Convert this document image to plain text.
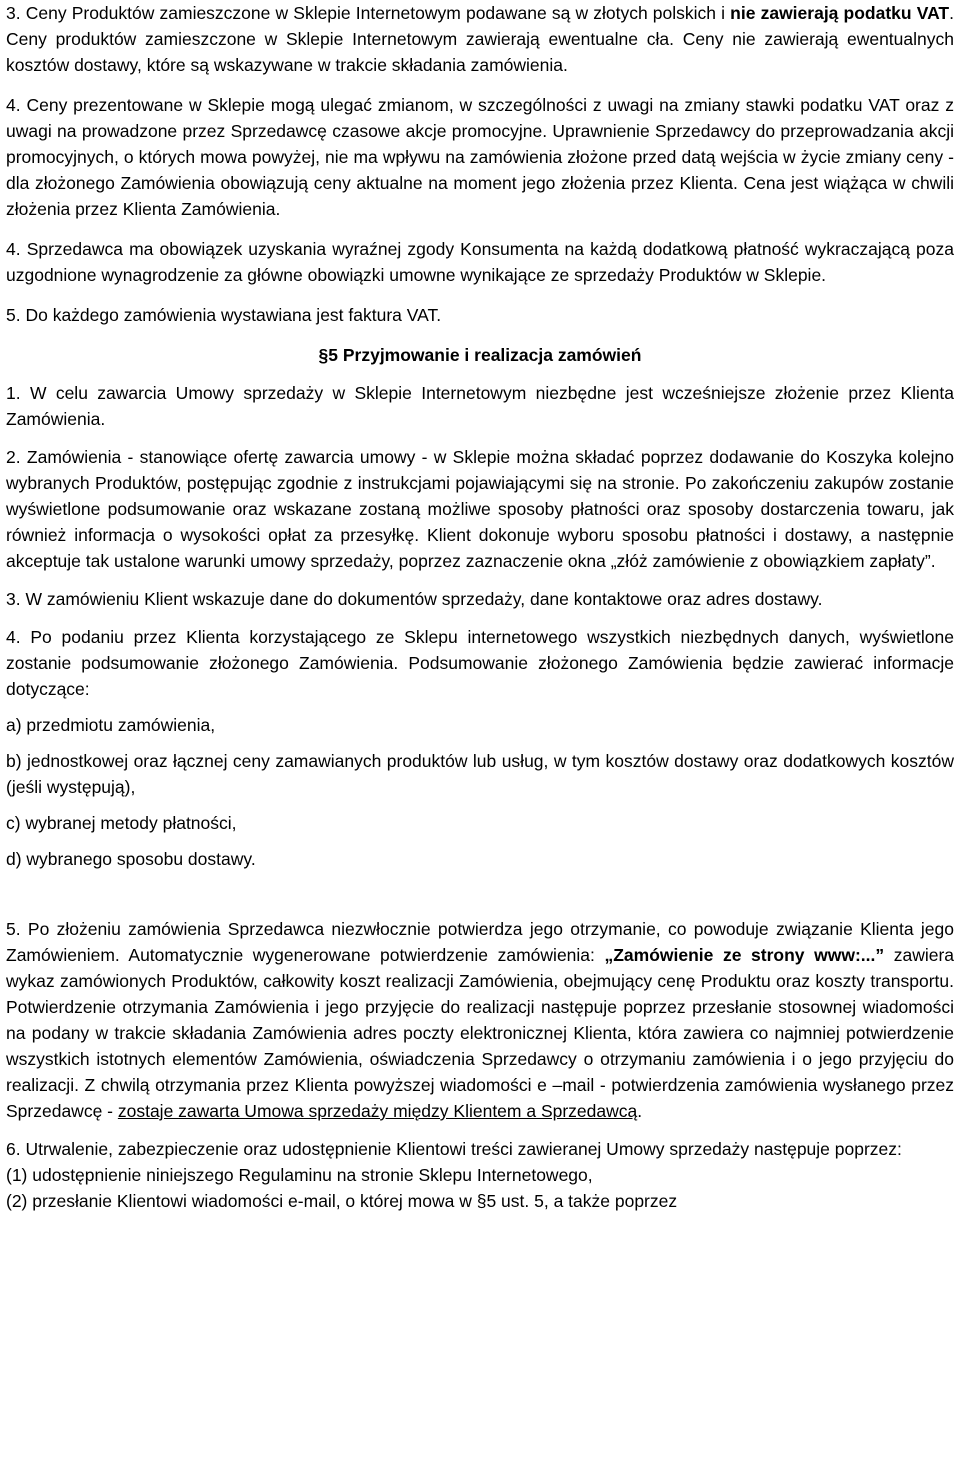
3. Ceny Produktów zamieszczone w Sklepie Internetowym podawane są w złotych polskich i nie zawierają podatku VAT. Ceny produktów zamieszczone w Sklepie Internetowym zawierają ewentualne cła. Ceny nie zawierają ewentualnych kosztów dostawy, które są wskazywane w trakcie składania zamówienia.

4. Ceny prezentowane w Sklepie mogą ulegać zmianom, w szczególności z uwagi na zmiany stawki podatku VAT oraz z uwagi na prowadzone przez Sprzedawcę czasowe akcje promocyjne. Uprawnienie Sprzedawcy do przeprowadzania akcji promocyjnych, o których mowa powyżej, nie ma wpływu na zamówienia złożone przed datą wejścia w życie zmiany ceny - dla złożonego Zamówienia obowiązują ceny aktualne na moment jego złożenia przez Klienta. Cena jest wiążąca w chwili złożenia przez Klienta Zamówienia.

4. Sprzedawca ma obowiązek uzyskania wyraźnej zgody Konsumenta na każdą dodatkową płatność wykraczającą poza uzgodnione wynagrodzenie za główne obowiązki umowne wynikające ze sprzedaży Produktów w Sklepie.

5. Do każdego zamówienia wystawiana jest faktura VAT.

§5 Przyjmowanie i realizacja zamówień

1. W celu zawarcia Umowy sprzedaży w Sklepie Internetowym niezbędne jest wcześniejsze złożenie przez Klienta Zamówienia.

2. Zamówienia - stanowiące ofertę zawarcia umowy - w Sklepie można składać poprzez dodawanie do Koszyka kolejno wybranych Produktów, postępując zgodnie z instrukcjami pojawiającymi się na stronie. Po zakończeniu zakupów zostanie wyświetlone podsumowanie oraz wskazane zostaną możliwe sposoby płatności oraz sposoby dostarczenia towaru, jak również informacja o wysokości opłat za przesyłkę. Klient dokonuje wyboru sposobu płatności i dostawy, a następnie akceptuje tak ustalone warunki umowy sprzedaży, poprzez zaznaczenie okna „złóż zamówienie z obowiązkiem zapłaty”.

3. W zamówieniu Klient wskazuje dane do dokumentów sprzedaży, dane kontaktowe oraz adres dostawy.

4. Po podaniu przez Klienta korzystającego ze Sklepu internetowego wszystkich niezbędnych danych, wyświetlone zostanie podsumowanie złożonego Zamówienia. Podsumowanie złożonego Zamówienia będzie zawierać informacje dotyczące:

a) przedmiotu zamówienia,

b) jednostkowej oraz łącznej ceny zamawianych produktów lub usług, w tym kosztów dostawy oraz dodatkowych kosztów (jeśli występują),

c) wybranej metody płatności,

d) wybranego sposobu dostawy.

5. Po złożeniu zamówienia Sprzedawca niezwłocznie potwierdza jego otrzymanie, co powoduje związanie Klienta jego Zamówieniem. Automatycznie wygenerowane potwierdzenie zamówienia: „Zamówienie ze strony www:...” zawiera wykaz zamówionych Produktów, całkowity koszt realizacji Zamówienia, obejmujący cenę Produktu oraz koszty transportu. Potwierdzenie otrzymania Zamówienia i jego przyjęcie do realizacji następuje poprzez przesłanie stosownej wiadomości na podany w trakcie składania Zamówienia adres poczty elektronicznej Klienta, która zawiera co najmniej potwierdzenie wszystkich istotnych elementów Zamówienia, oświadczenia Sprzedawcy o otrzymaniu zamówienia i o jego przyjęciu do realizacji. Z chwilą otrzymania przez Klienta powyższej wiadomości e –mail - potwierdzenia zamówienia wysłanego przez Sprzedawcę - zostaje zawarta Umowa sprzedaży między Klientem a Sprzedawcą.

6. Utrwalenie, zabezpieczenie oraz udostępnienie Klientowi treści zawieranej Umowy sprzedaży następuje poprzez:

(1) udostępnienie niniejszego Regulaminu na stronie Sklepu Internetowego,

(2) przesłanie Klientowi wiadomości e-mail, o której mowa w §5 ust. 5, a także poprzez
